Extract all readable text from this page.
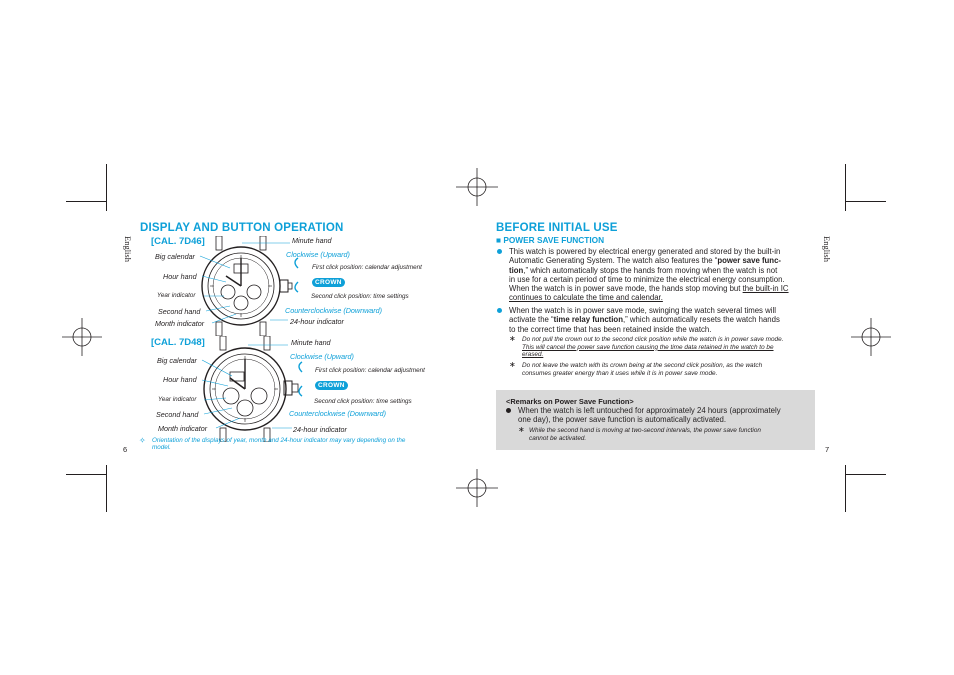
DISPLAY AND BUTTON OPERATION
English [CAL. 7D46]	Minute hand
Big calendar	Clockwise (Upward)
First click position: calendar adjustment
Hour hand
CROWN
Year indicator	Second click position: time settings
Second hand	Counterclockwise (Downward)
Month indicator	24-hour indicator
[CAL. 7D48]	Minute hand
Big calendar	Clockwise (Upward)
First click position: calendar adjustment
Hour hand
CROWN
Year indicator	Second click position: time settings
Second hand	Counterclockwise (Downward)
Month indicator	24-hour indicator
✧ Orientation of the displays of year, month and 24-hour indicator may vary depending on the
model.
6
BEFORE INITIAL USE
■ POWER SAVE FUNCTION	English
This watch is powered by electrical energy generated and stored by the built-in
Automatic Generating System. The watch also features the “power save func-
tion,” which automatically stops the hands from moving when the watch is not
in use for a certain period of time to minimize the electrical energy consumption.
When the watch is in power save mode, the hands stop moving but the built-in IC
continues to calculate the time and calendar.
When the watch is in power save mode, swinging the watch several times will
activate the “time relay function,” which automatically resets the watch hands
to the correct time that has been retained inside the watch.
∗ Do not pull the crown out to the second click position while the watch is in power save mode.
This will cancel the power save function causing the time data retained in the watch to be
erased.
∗ Do not leave the watch with its crown being at the second click position, as the watch
consumes greater energy than it uses while it is in power save mode.
<Remarks on Power Save Function>
When the watch is left untouched for approximately 24 hours (approximately
one day), the power save function is automatically activated.
∗ While the second hand is moving at two-second intervals, the power save function
cannot be activated.
7
